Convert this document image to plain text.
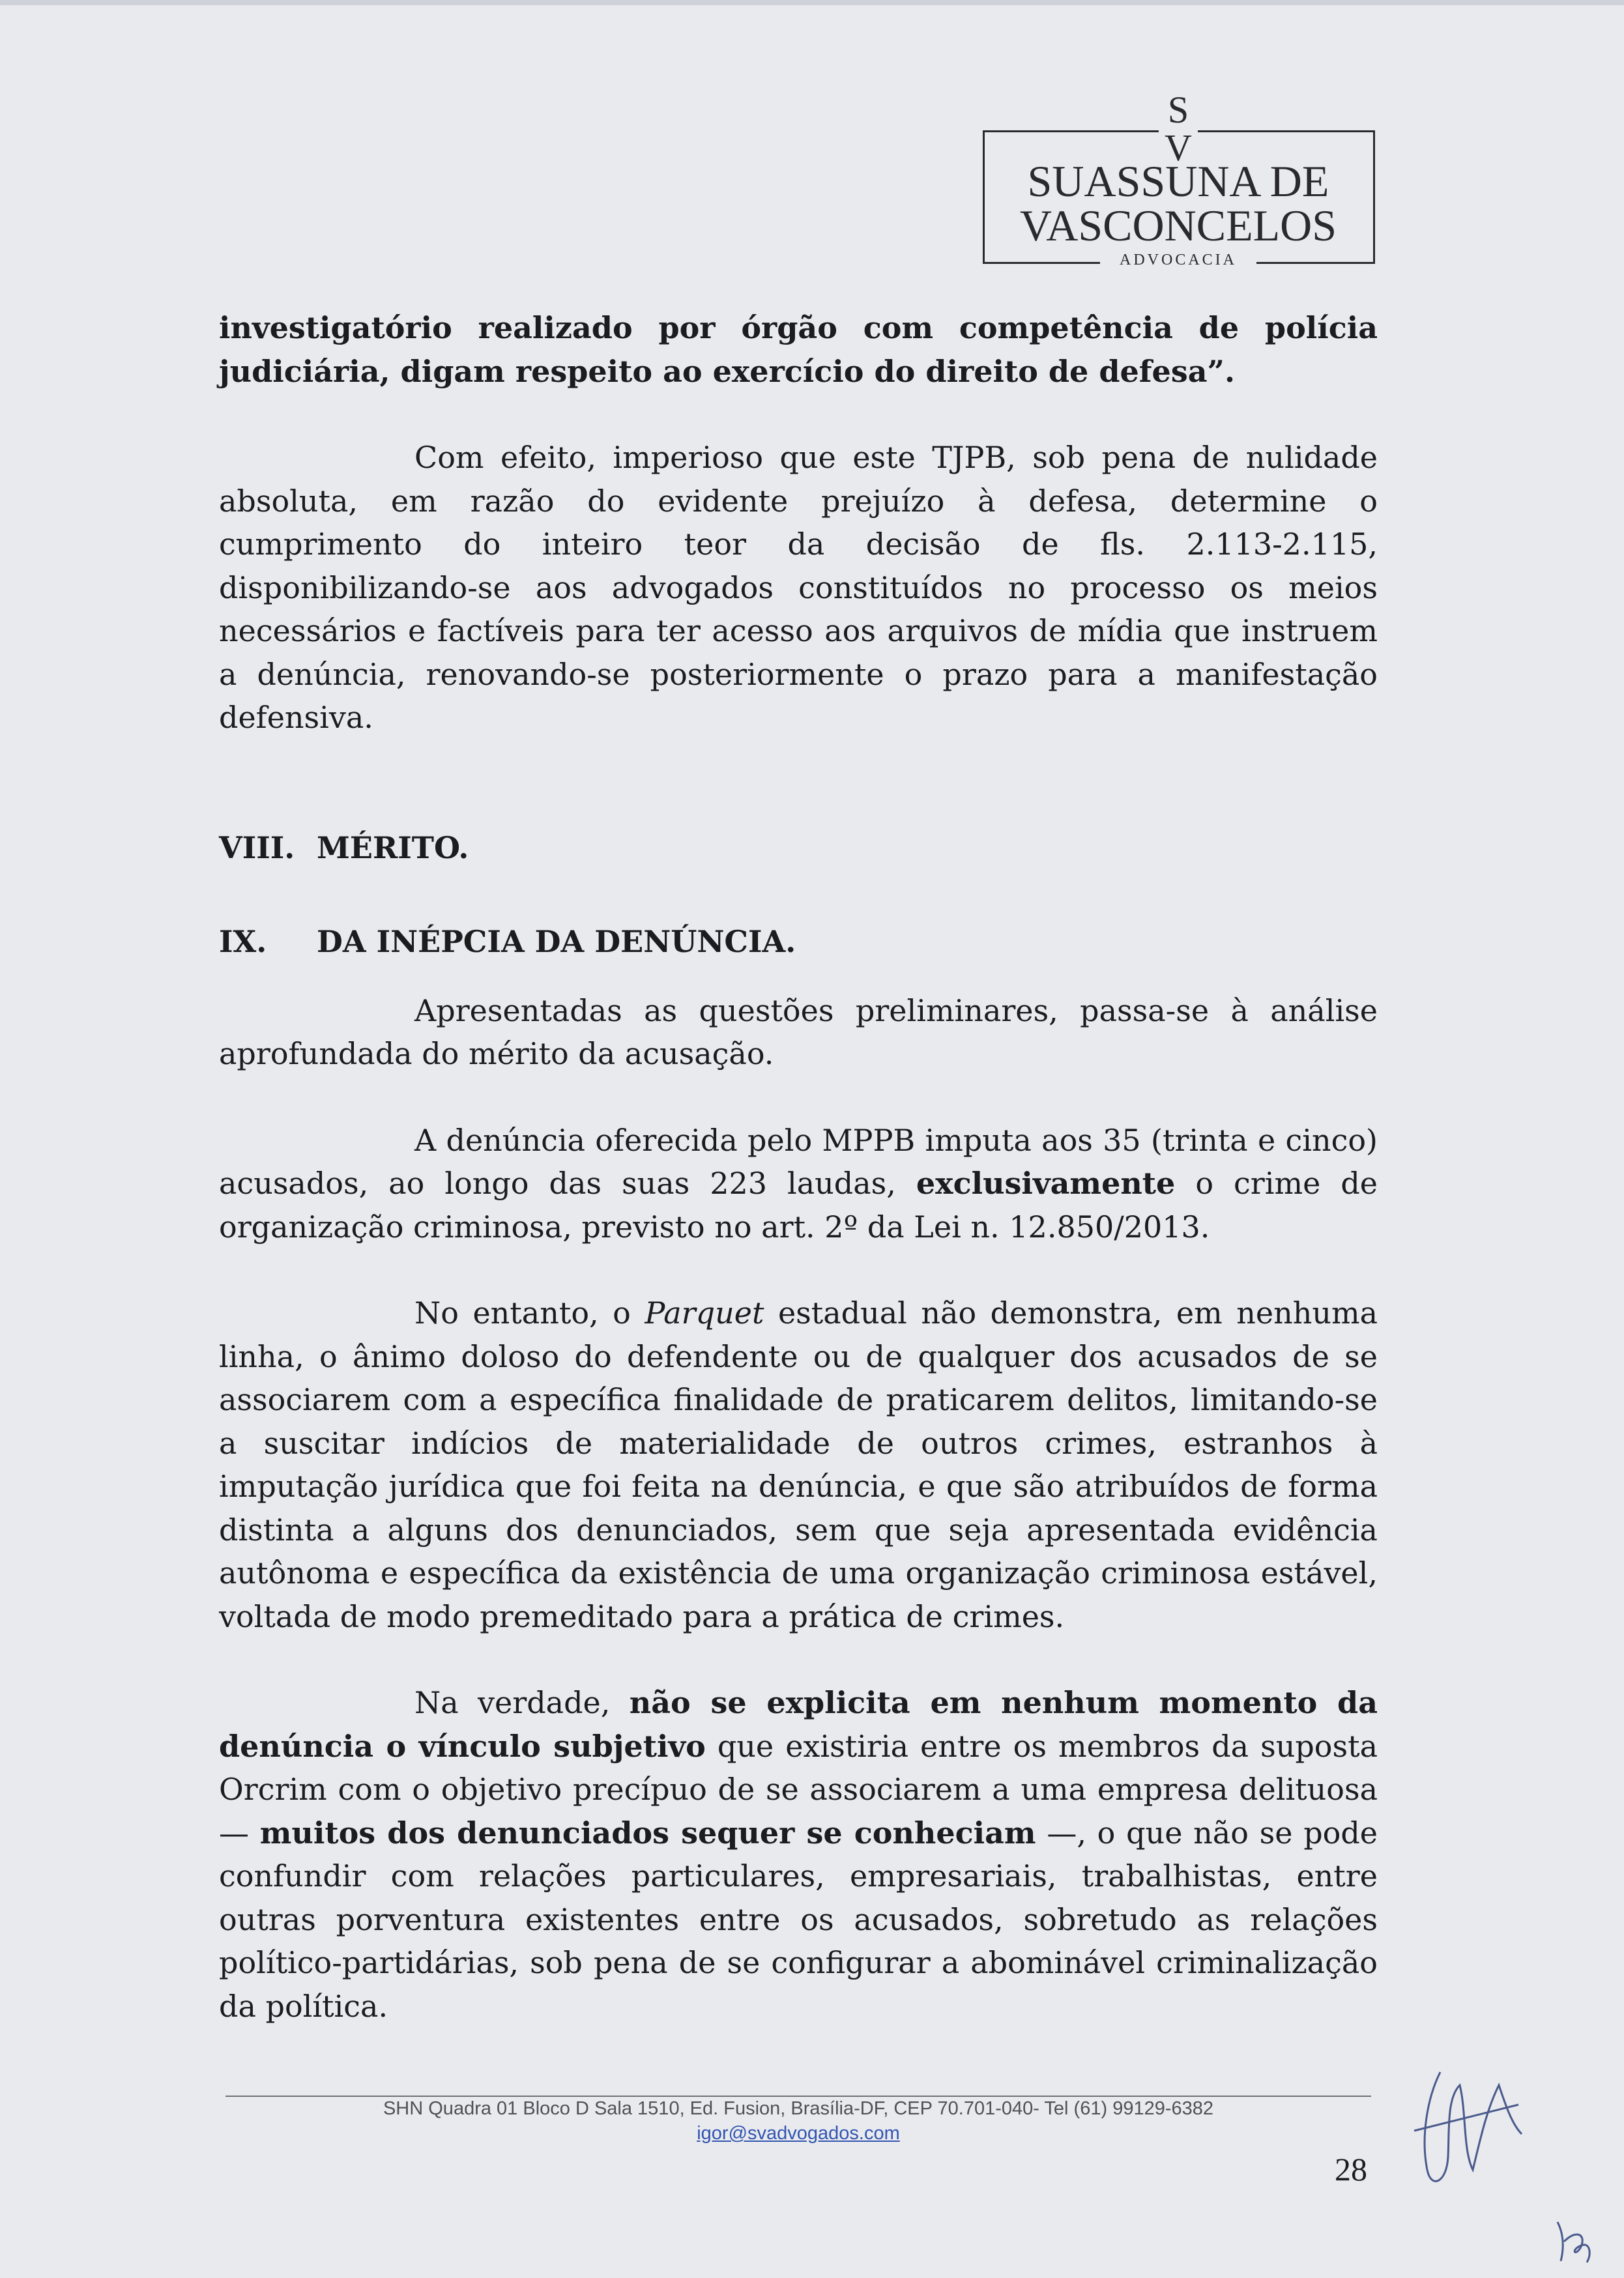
S
V
SUASSUNA DE
VASCONCELOS
ADVOCACIA

investigatório realizado por órgão com competência de polícia judiciária, digam respeito ao exercício do direito de defesa”.

Com efeito, imperioso que este TJPB, sob pena de nulidade absoluta, em razão do evidente prejuízo à defesa, determine o cumprimento do inteiro teor da decisão de fls. 2.113-2.115, disponibilizando-se aos advogados constituídos no processo os meios necessários e factíveis para ter acesso aos arquivos de mídia que instruem a denúncia, renovando-se posteriormente o prazo para a manifestação defensiva.

VIII. MÉRITO.
IX.	DA INÉPCIA DA DENÚNCIA.

Apresentadas as questões preliminares, passa-se à análise aprofundada do mérito da acusação.

A denúncia oferecida pelo MPPB imputa aos 35 (trinta e cinco) acusados, ao longo das suas 223 laudas, exclusivamente o crime de organização criminosa, previsto no art. 2º da Lei n. 12.850/2013.

No entanto, o Parquet estadual não demonstra, em nenhuma linha, o ânimo doloso do defendente ou de qualquer dos acusados de se associarem com a específica finalidade de praticarem delitos, limitando-se a suscitar indícios de materialidade de outros crimes, estranhos à imputação jurídica que foi feita na denúncia, e que são atribuídos de forma distinta a alguns dos denunciados, sem que seja apresentada evidência autônoma e específica da existência de uma organização criminosa estável, voltada de modo premeditado para a prática de crimes.

Na verdade, não se explicita em nenhum momento da denúncia o vínculo subjetivo que existiria entre os membros da suposta Orcrim com o objetivo precípuo de se associarem a uma empresa delituosa — muitos dos denunciados sequer se conheciam —, o que não se pode confundir com relações particulares, empresariais, trabalhistas, entre outras porventura existentes entre os acusados, sobretudo as relações político-partidárias, sob pena de se configurar a abominável criminalização da política.

SHN Quadra 01 Bloco D Sala 1510, Ed. Fusion, Brasília-DF, CEP 70.701-040- Tel (61) 99129-6382
igor@svadvogados.com
28
